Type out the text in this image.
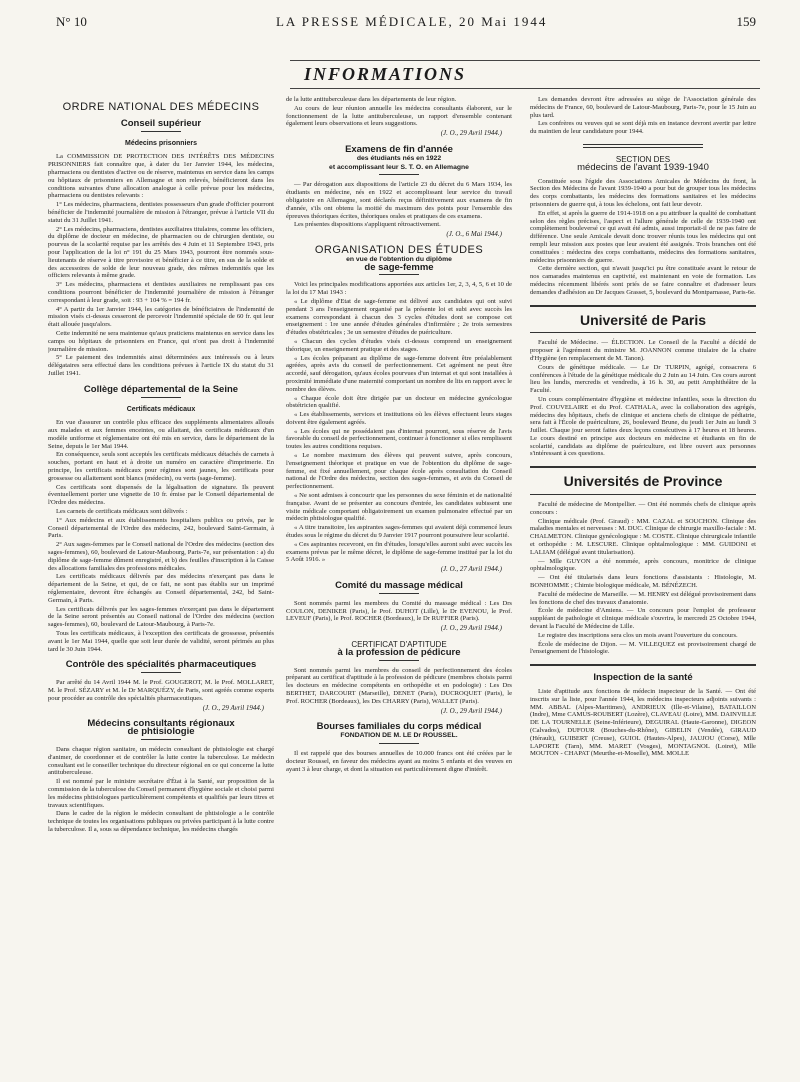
N° 10	LA PRESSE MÉDICALE, 20 Mai 1944	159
INFORMATIONS
ORDRE NATIONAL DES MÉDECINS
Conseil supérieur
Médecins prisonniers

La COMMISSION DE PROTECTION DES INTÉRÊTS DES MÉDECINS PRISONNIERS fait connaître que, à dater du 1er Janvier 1944, les médecins, pharmaciens ou dentistes d'active ou de réserve, maintenus en service dans les camps ou hôpitaux de prisonniers en Allemagne et non relevés, bénéficieront dans les conditions suivantes d'une allocation analogue à celle prévue pour les médecins, pharmaciens ou dentistes relevants :

1° Les médecins, pharmaciens, dentistes possesseurs d'un grade d'officier pourront bénéficier de l'indemnité journalière de mission à l'étranger, prévue à l'article VII du statut du 31 Juillet 1941.

2° Les médecins, pharmaciens, dentistes auxiliaires titulaires, comme les officiers, du diplôme de docteur en médecine, de pharmacien ou de chirurgien dentiste, ou pourvus de la scolarité requise par les arrêtés des 4 Juin et 11 Septembre 1943, pris pour l'application de la loi n° 191 du 25 Mars 1943, pourront être nommés sous-lieutenants de réserve à titre provisoire et bénéficier à ce titre, en sus de la solde et des accessoires de solde de leur nouveau grade, des mêmes indemnités que les officiers relevants à même grade.

3° Les médecins, pharmaciens et dentistes auxiliaires ne remplissant pas ces conditions pourront bénéficier de l'indemnité journalière de mission à l'étranger correspondant à leur grade, soit : 93 + 104 % = 194 fr.

4° A partir du 1er Janvier 1944, les catégories de bénéficiaires de l'indemnité de mission visés ci-dessus cesseront de percevoir l'indemnité spéciale de 60 fr. qui leur était allouée jusqu'alors.

Cette indemnité ne sera maintenue qu'aux praticiens maintenus en service dans les camps ou hôpitaux de prisonniers en France, qui n'ont pas droit à l'indemnité journalière de mission.

5° Le paiement des indemnités ainsi déterminées aux intéressés ou à leurs délégataires sera effectué dans les conditions prévues à l'article IX du statut du 31 Juillet 1941.

Collège départemental de la Seine
Certificats médicaux

En vue d'assurer un contrôle plus efficace des suppléments alimentaires alloués aux malades et aux femmes enceintes, ou allaitant, des certificats médicaux d'un modèle uniforme et réglementaire ont été mis en service, dans le département de la Seine, depuis le 1er Mai 1944.

En conséquence, seuls sont acceptés les certificats médicaux détachés de carnets à souches, portant en haut et à droite un numéro en caractère d'imprimerie. En principe, les certificats médicaux pour régimes sont jaunes, les certificats pour grossesse ou allaitement sont blancs (médecin), ou verts (sage-femme).

Ces certificats sont dispensés de la légalisation de signature. Ils peuvent éventuellement porter une vignette de 10 fr. émise par le Conseil départemental de l'Ordre des médecins.

Les carnets de certificats médicaux sont délivrés :

1° Aux médecins et aux établissements hospitaliers publics ou privés, par le Conseil départemental de l'Ordre des médecins, 242, boulevard Saint-Germain, à Paris.

2° Aux sages-femmes par le Conseil national de l'Ordre des médecins (section des sages-femmes), 60, boulevard de Latour-Maubourg, Paris-7e, sur présentation : a) du diplôme de sage-femme dûment enregistré, et b) des feuilles d'inscription à la Caisse des allocations familiales des professions médicales.

Les certificats médicaux délivrés par des médecins n'exerçant pas dans le département de la Seine, et qui, de ce fait, ne sont pas établis sur un imprimé réglementaire, devront être échangés au Conseil départemental, 242, bd Saint-Germain, à Paris.

Les certificats délivrés par les sages-femmes n'exerçant pas dans le département de la Seine seront présentés au Conseil national de l'Ordre des médecins (section sages-femmes), 60, boulevard de Latour-Maubourg, à Paris-7e.

Tous les certificats médicaux, à l'exception des certificats de grossesse, présentés avant le 1er Mai 1944, quelle que soit leur durée de validité, seront périmés au plus tard le 30 Juin 1944.

Contrôle des spécialités pharmaceutiques

Par arrêté du 14 Avril 1944 M. le Prof. GOUGEROT, M. le Prof. MOLLARET, M. le Prof. SÉZARY et M. le Dr MARQUÉZY, de Paris, sont agréés comme experts pour procéder au contrôle des spécialités pharmaceutiques.

(J. O., 29 Avril 1944.)

Médecins consultants régionaux
de phtisiologie

Dans chaque région sanitaire, un médecin consultant de phtisiologie est chargé d'animer, de coordonner et de contrôler la lutte contre la tuberculose. Le médecin consultant est le conseiller technique du directeur régional en ce qui concerne la lutte antituberculeuse.

Il est nommé par le ministre secrétaire d'État à la Santé, sur proposition de la commission de la tuberculose du Conseil permanent d'hygiène sociale et choisi parmi les médecins phtisiologues particulièrement compétents et qualifiés par leurs titres et travaux scientifiques.

Dans le cadre de la région le médecin consultant de phtisiologie a le contrôle technique de toutes les organisations publiques ou privées participant à la lutte contre la tuberculose. Il a, sous sa dépendance technique, les médecins chargés

de la lutte antituberculeuse dans les départements de leur région.

Au cours de leur réunion annuelle les médecins consultants élaborent, sur le fonctionnement de la lutte antituberculeuse, un rapport d'ensemble contenant également leurs observations et leurs suggestions.

(J. O., 29 Avril 1944.)

Examens de fin d'année
des étudiants nés en 1922
et accomplissant leur S. T. O. en Allemagne

— Par dérogation aux dispositions de l'article 23 du décret du 6 Mars 1934, les étudiants en médecine, nés en 1922 et accomplissant leur service du travail obligatoire en Allemagne, sont déclarés reçus définitivement aux examens de fin d'année, s'ils ont obtenu la moitié du maximum des points pour l'ensemble des épreuves théoriques écrites, théoriques orales et pratiques de ces examens.

Les présentes dispositions s'appliquent rétroactivement.

(J. O., 6 Mai 1944.)

ORGANISATION DES ÉTUDES
en vue de l'obtention du diplôme
de sage-femme

Voici les principales modifications apportées aux articles 1er, 2, 3, 4, 5, 6 et 10 de la loi du 17 Mai 1943 :

« Le diplôme d'Etat de sage-femme est délivré aux candidates qui ont suivi pendant 3 ans l'enseignement organisé par la présente loi et subi avec succès les examens correspondant à chacun des 3 cycles d'études dont se compose cet enseignement : 1re une année d'études générales d'infirmière ; 2e trois semestres d'études obstétricales ; 3e un semestre d'études de puériculture.

« Chacun des cycles d'études visés ci-dessus comprend un enseignement théorique, un enseignement pratique et des stages.

« Les écoles préparant au diplôme de sage-femme doivent être préalablement agréées, après avis du conseil de perfectionnement. Cet agrément ne peut être accordé, sauf dérogation, qu'aux écoles pourvues d'un internat et qui sont installées à proximité immédiate d'une maternité comportant un nombre de lits en rapport avec le nombre des élèves.

« Chaque école doit être dirigée par un docteur en médecine gynécologue obstétricien qualifié.

« Les établissements, services et institutions où les élèves effectuent leurs stages doivent être également agréés.

« Les écoles qui ne possédaient pas d'internat pourront, sous réserve de l'avis favorable du conseil de perfectionnement, continuer à fonctionner si elles remplissent toutes les autres conditions requises.

« Le nombre maximum des élèves qui peuvent suivre, après concours, l'enseignement théorique et pratique en vue de l'obtention du diplôme de sage-femme, est fixé annuellement, pour chaque école après consultation du Conseil national de l'Ordre des médecins, section des sages-femmes, et avis du Conseil de perfectionnement.

« Ne sont admises à concourir que les personnes du sexe féminin et de nationalité française. Avant de se présenter au concours d'entrée, les candidates subissent une visite médicale comportant obligatoirement un examen pulmonaire effectué par un médecin phtisiologue qualifié.

« A titre transitoire, les aspirantes sages-femmes qui avaient déjà commencé leurs études sous le régime du décret du 9 Janvier 1917 pourront poursuivre leur scolarité.

« Ces aspirantes recevront, en fin d'études, lorsqu'elles auront subi avec succès les examens prévus par le même décret, le diplôme de sage-femme institué par la loi du 5 Août 1916. »

(J. O., 27 Avril 1944.)

Comité du massage médical

Sont nommés parmi les membres du Comité du massage médical : Les Drs COULON, DENIKER (Paris), le Prof. DUHOT (Lille), le Dr EVENOU, le Prof. LEVEUF (Paris), le Prof. ROCHER (Bordeaux), le Dr RUFFIER (Paris).

(J. O., 29 Avril 1944.)

CERTIFICAT D'APTITUDE
à la profession de pédicure

Sont nommés parmi les membres du conseil de perfectionnement des écoles préparant au certificat d'aptitude à la profession de pédicure (membres choisis parmi les docteurs en médecine compétents en orthopédie et en podologie) : Les Drs BERTHET, DARCOURT (Marseille), DENET (Paris), DUCROQUET (Paris), le Prof. ROCHER (Bordeaux), les Drs CHARRY (Paris), WALLET (Paris).

(J. O., 29 Avril 1944.)

Bourses familiales du corps médical
FONDATION DE M. LE Dr ROUSSEL.

Il est rappelé que des bourses annuelles de 10.000 francs ont été créées par le docteur Roussel, en faveur des médecins ayant au moins 5 enfants et des veuves en ayant 3 à leur charge, et dont la situation est particulièrement digne d'intérêt.

Les demandes devront être adressées au siège de l'Association générale des médecins de France, 60, boulevard de Latour-Maubourg, Paris-7e, pour le 15 Juin au plus tard.

Les confrères ou veuves qui se sont déjà mis en instance devront avertir par lettre du maintien de leur candidature pour 1944.

SECTION DES
médecins de l'avant 1939-1940

Constituée sous l'égide des Associations Amicales de Médecins du front, la Section des Médecins de l'avant 1939-1940 a pour but de grouper tous les médecins des corps combattants, les médecins des formations sanitaires et les médecins prisonniers de guerre qui, à tous les échelons, ont fait leur devoir.

En effet, si après la guerre de 1914-1918 on a pu attribuer la qualité de combattant selon des règles précises, l'aspect et l'allure générale de celle de 1939-1940 ont complètement bouleversé ce qui avait été admis, aussi importait-il de ne pas faire de différence. Une seule Amicale devait donc trouver réunis tous les médecins qui ont rempli leur mission aux postes que leur avaient été assignés. Trois branches ont été constituées : médecins des corps combattants, médecins des formations sanitaires, médecins prisonniers de guerre.

Cette dernière section, qui n'avait jusqu'ici pu être constituée avant le retour de nos camarades maintenus en captivité, est maintenant en voie de formation. Les médecins récemment libérés sont priés de se faire connaître et d'adresser leurs demandes d'adhésion au Dr Jacques Grasset, 5, boulevard du Montparnasse, Paris-6e.

Université de Paris

Faculté de Médecine. — ÉLECTION. Le Conseil de la Faculté a décidé de proposer à l'agrément du ministre M. JOANNON comme titulaire de la chaire d'Hygiène (en remplacement de M. Tanon).

Cours de génétique médicale. — Le Dr TURPIN, agrégé, consacrera 6 conférences à l'étude de la génétique médicale du 2 Juin au 14 Juin. Ces cours auront lieu les lundis, mercredis et vendredis, à 16 h. 30, au petit Amphithéâtre de la Faculté.

Un cours complémentaire d'hygiène et médecine infantiles, sous la direction du Prof. COUVELAIRE et du Prof. CATHALA, avec la collaboration des agrégés, médecins des hôpitaux, chefs de clinique et anciens chefs de clinique de pédiatrie, sera fait à l'École de puériculture, 26, boulevard Brune, du jeudi 1er Juin au lundi 3 Juillet. Chaque jour seront faites deux leçons consécutives à 17 heures et 18 heures. Le cours destiné en principe aux docteurs en médecine et étudiants en fin de scolarité, candidats au diplôme de puériculture, est libre ouvert aux personnes s'intéressant à ces questions.

Universités de Province

Faculté de médecine de Montpellier. — Ont été nommés chefs de clinique après concours :

Clinique médicale (Prof. Giraud) : MM. CAZAL et SOUCHON. Clinique des maladies mentales et nerveuses : M. DUC. Clinique de chirurgie maxillo-faciale : M. CHALMETON. Clinique gynécologique : M. COSTE. Clinique chirurgicale infantile et orthopédie : M. LESCURE. Clinique ophtalmologique : MM. GUIDONI et LALIAM (délégué avant titularisation).

— Mlle GUYON a été nommée, après concours, monitrice de clinique ophtalmologique.

— Ont été titularisés dans leurs fonctions d'assistants : Histologie, M. BONHOMME ; Chimie biologique médicale, M. BÉNÉZECH.

Faculté de médecine de Marseille. — M. HENRY est délégué provisoirement dans les fonctions de chef des travaux d'anatomie.

École de médecine d'Amiens. — Un concours pour l'emploi de professeur suppléant de pathologie et clinique médicale s'ouvrira, le mercredi 25 Octobre 1944, devant la Faculté de Médecine de Lille.

Le registre des inscriptions sera clos un mois avant l'ouverture du concours.

École de médecine de Dijon. — M. VILLEQUEZ est provisoirement chargé de l'enseignement de l'histologie.

Inspection de la santé

Liste d'aptitude aux fonctions de médecin inspecteur de la Santé. — Ont été inscrits sur la liste, pour l'année 1944, les médecins inspecteurs adjoints suivants : MM. ABBAL (Alpes-Maritimes), ANDRIEUX (Ille-et-Vilaine), BATAILLON (Indre), Mme CAMUS-ROUBERT (Lozère), CLAVEAU (Loire), MM. DAINVILLE DE LA TOURNELLE (Seine-Inférieure), DEGUIRAL (Haute-Garonne), DIGEON (Calvados), DUFOUR (Bouches-du-Rhône), GIBELIN (Vendée), GIRAUD (Hérault), GUIBERT (Creuse), GUIOL (Hautes-Alpes), JAUJOU (Corse), Mlle LAPORTE (Tarn), MM. MARET (Vosges), MONTAGNOL (Loiret), Mlle MOUTON - CHAPAT (Meurthe-et-Moselle), MM. MOLLE
